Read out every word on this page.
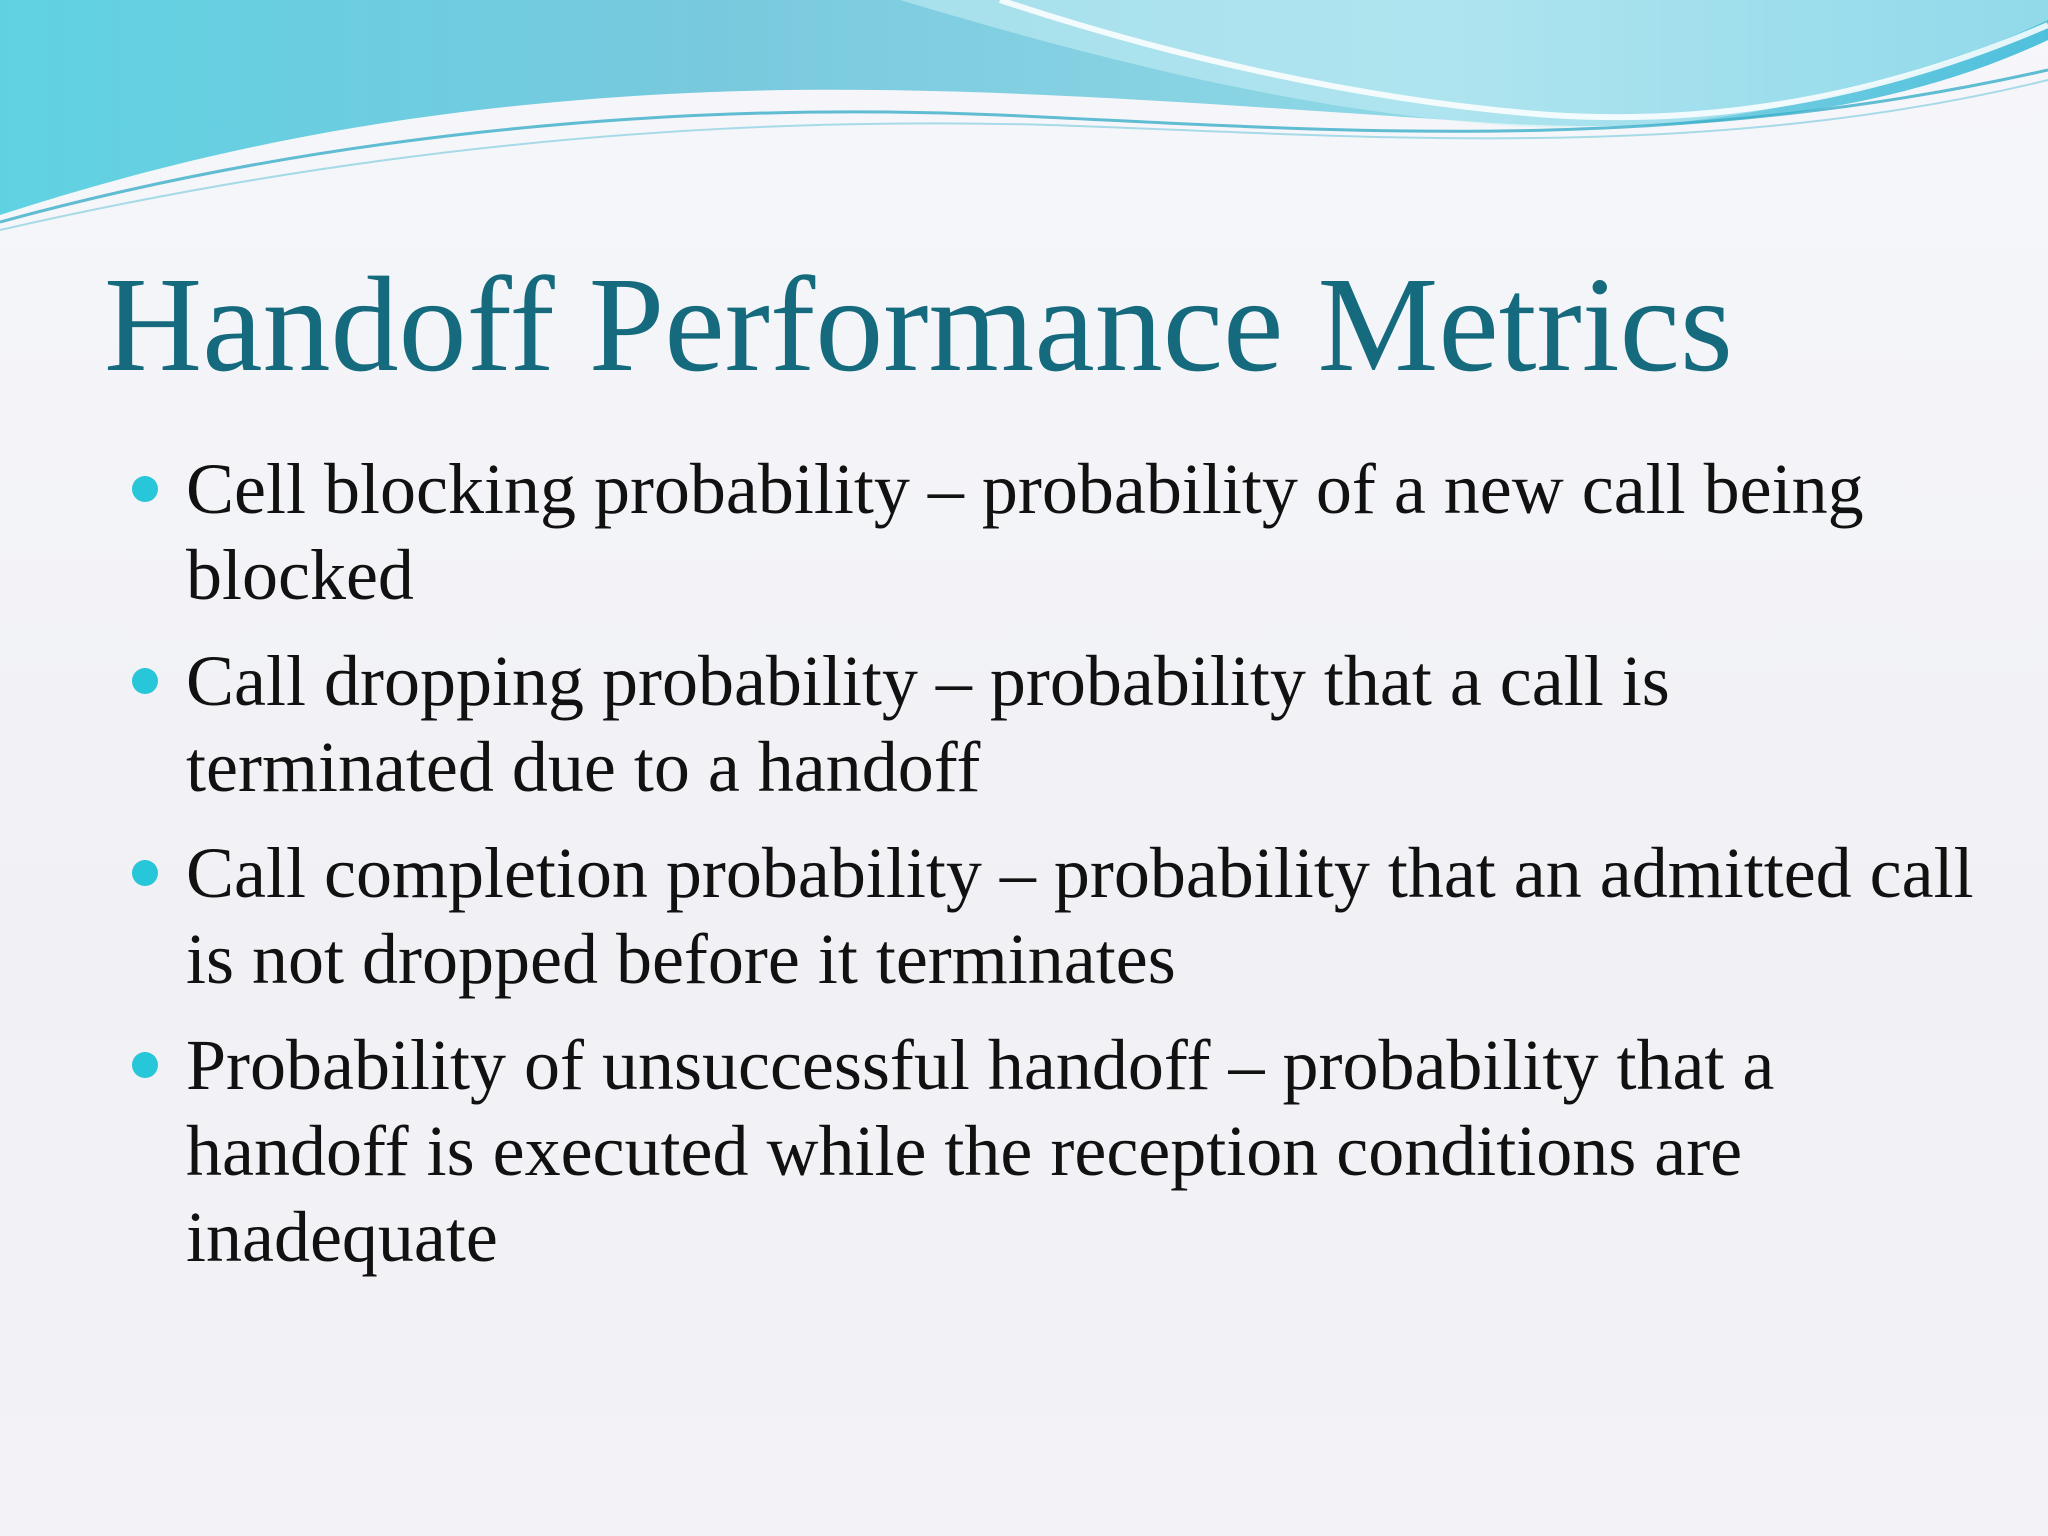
Handoff Performance Metrics
Cell blocking probability – probability of a new call being blocked
Call dropping probability – probability that a call is terminated due to a handoff
Call completion probability – probability that an admitted call is not dropped before it terminates
Probability of unsuccessful handoff – probability that a handoff is executed while the reception conditions are inadequate
